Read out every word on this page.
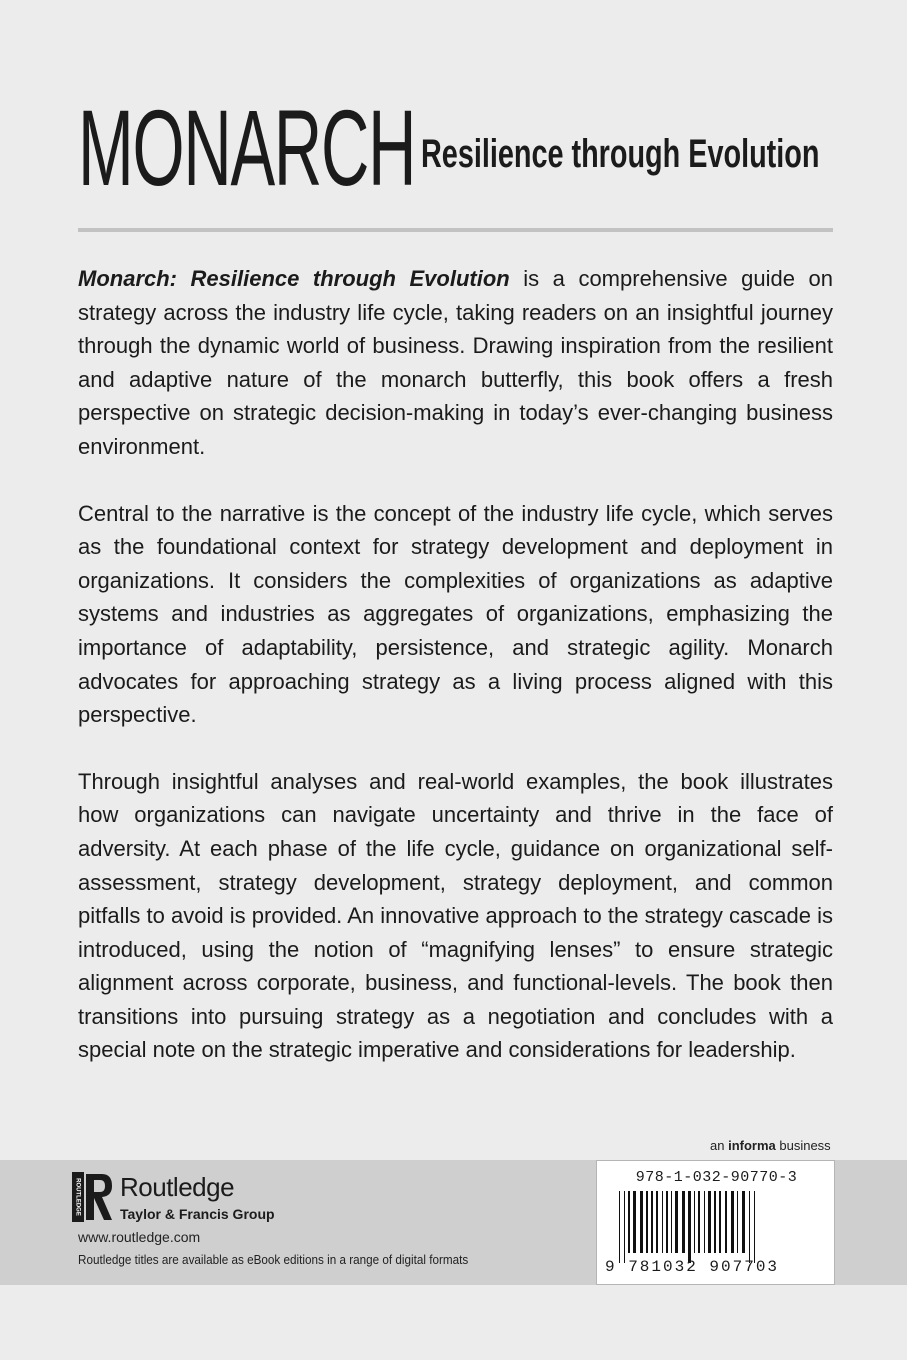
MONARCH Resilience through Evolution

Monarch: Resilience through Evolution is a comprehensive guide on strategy across the industry life cycle, taking readers on an insightful journey through the dynamic world of business. Drawing inspiration from the resilient and adaptive nature of the monarch butterfly, this book offers a fresh perspective on strategic decision-making in today’s ever-changing business environment.

Central to the narrative is the concept of the industry life cycle, which serves as the foundational context for strategy development and deployment in organizations. It considers the complexities of organizations as adaptive systems and industries as aggregates of organizations, emphasizing the importance of adaptability, persistence, and strategic agility. Monarch advocates for approaching strategy as a living process aligned with this perspective.

Through insightful analyses and real-world examples, the book illustrates how organizations can navigate uncertainty and thrive in the face of adversity. At each phase of the life cycle, guidance on organizational self-assessment, strategy development, strategy deployment, and common pitfalls to avoid is provided. An innovative approach to the strategy cascade is introduced, using the notion of “magnifying lenses” to ensure strategic alignment across corporate, business, and functional-levels. The book then transitions into pursuing strategy as a negotiation and concludes with a special note on the strategic imperative and considerations for leadership.

an informa business
ROUTLEDGE Routledge
Taylor & Francis Group
www.routledge.com
Routledge titles are available as eBook editions in a range of digital formats
978-1-032-90770-3
9 781032 907703
